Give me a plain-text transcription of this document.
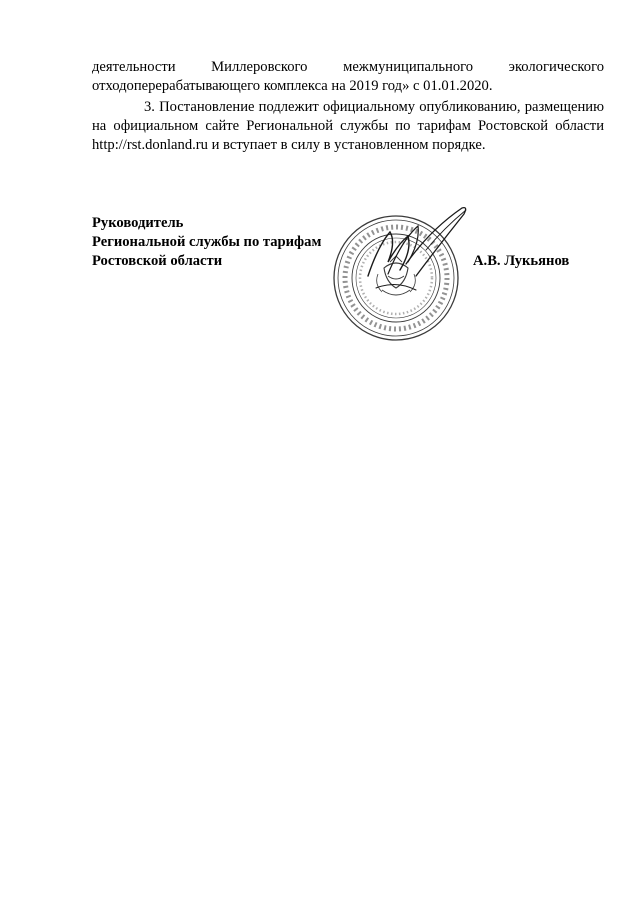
деятельности Миллеровского межмуниципального экологического
отходоперерабатывающего комплекса на 2019 год» с 01.01.2020.

3. Постановление подлежит официальному опубликованию, размещению
на официальном сайте Региональной службы по тарифам Ростовской области
http://rst.donland.ru и вступает в силу в установленном порядке.

Руководитель
Региональной службы по тарифам
Ростовской области	А.В. Лукьянов
